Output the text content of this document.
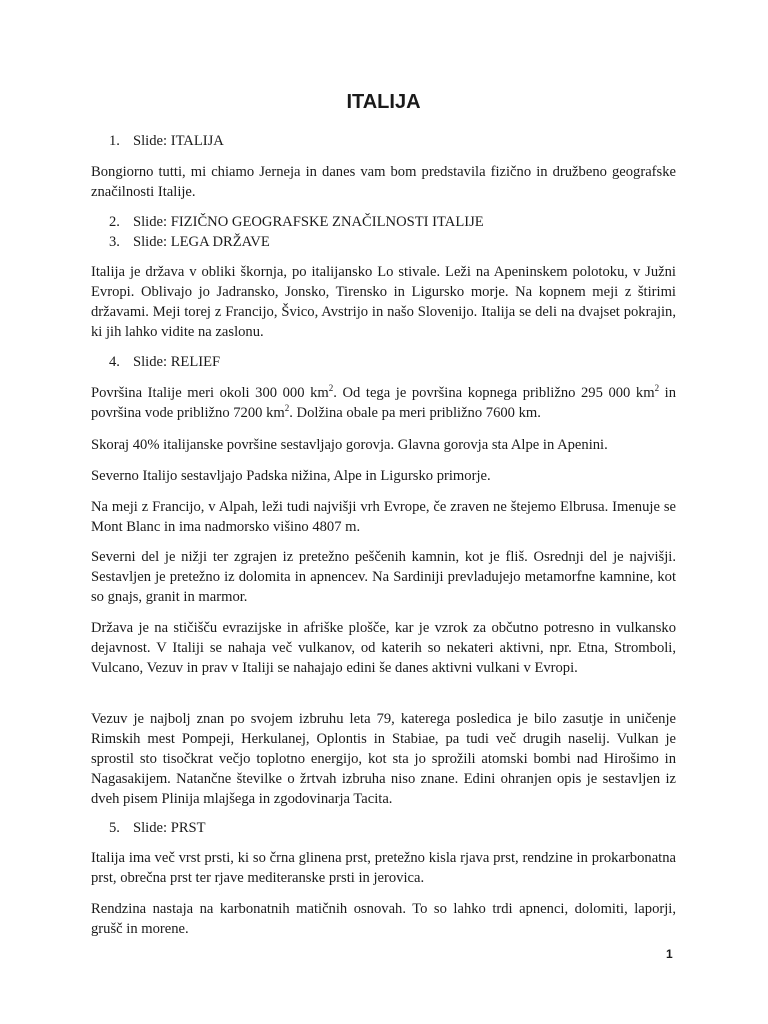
ITALIJA

1. Slide: ITALIJA

Bongiorno tutti, mi chiamo Jerneja in danes vam bom predstavila fizično in družbeno geografske značilnosti Italije.

2. Slide: FIZIČNO GEOGRAFSKE ZNAČILNOSTI ITALIJE

3. Slide: LEGA DRŽAVE

Italija je država v obliki škornja, po italijansko Lo stivale. Leži na Apeninskem polotoku, v Južni Evropi. Oblivajo jo Jadransko, Jonsko, Tirensko in Ligursko morje. Na kopnem meji z štirimi državami. Meji torej z Francijo, Švico, Avstrijo in našo Slovenijo. Italija se deli na dvajset pokrajin, ki jih lahko vidite na zaslonu.

4. Slide: RELIEF

Površina Italije meri okoli 300 000 $km^2$. Od tega je površina kopnega približno 295 000 $km^2$ in površina vode približno 7200 $km^2$. Dolžina obale pa meri približno 7600 km.

Skoraj 40% italijanske površine sestavljajo gorovja. Glavna gorovja sta Alpe in Apenini.

Severno Italijo sestavljajo Padska nižina, Alpe in Ligursko primorje.

Na meji z Francijo, v Alpah, leži tudi najvišji vrh Evrope, če zraven ne štejemo Elbrusa. Imenuje se Mont Blanc in ima nadmorsko višino 4807 m.

Severni del je nižji ter zgrajen iz pretežno peščenih kamnin, kot je fliš. Osrednji del je najvišji. Sestavljen je pretežno iz dolomita in apnencev. Na Sardiniji prevladujejo metamorfne kamnine, kot so gnajs, granit in marmor.

Država je na stičišču evrazijske in afriške plošče, kar je vzrok za občutno potresno in vulkansko dejavnost. V Italiji se nahaja več vulkanov, od katerih so nekateri aktivni, npr. Etna, Stromboli, Vulcano, Vezuv in prav v Italiji se nahajajo edini še danes aktivni vulkani v Evropi.

Vezuv je najbolj znan po svojem izbruhu leta 79, katerega posledica je bilo zasutje in uničenje Rimskih mest Pompeji, Herkulanej, Oplontis in Stabiae, pa tudi več drugih naselij. Vulkan je sprostil sto tisočkrat večjo toplotno energijo, kot sta jo sprožili atomski bombi nad Hirošimo in Nagasakijem. Natančne številke o žrtvah izbruha niso znane. Edini ohranjen opis je sestavljen iz dveh pisem Plinija mlajšega in zgodovinarja Tacita.

5. Slide: PRST

Italija ima več vrst prsti, ki so črna glinena prst, pretežno kisla rjava prst, rendzine in prokarbonatna prst, obrečna prst ter rjave mediteranske prsti in jerovica.

Rendzina nastaja na karbonatnih matičnih osnovah. To so lahko trdi apnenci, dolomiti, laporji, grušč in morene.

1
